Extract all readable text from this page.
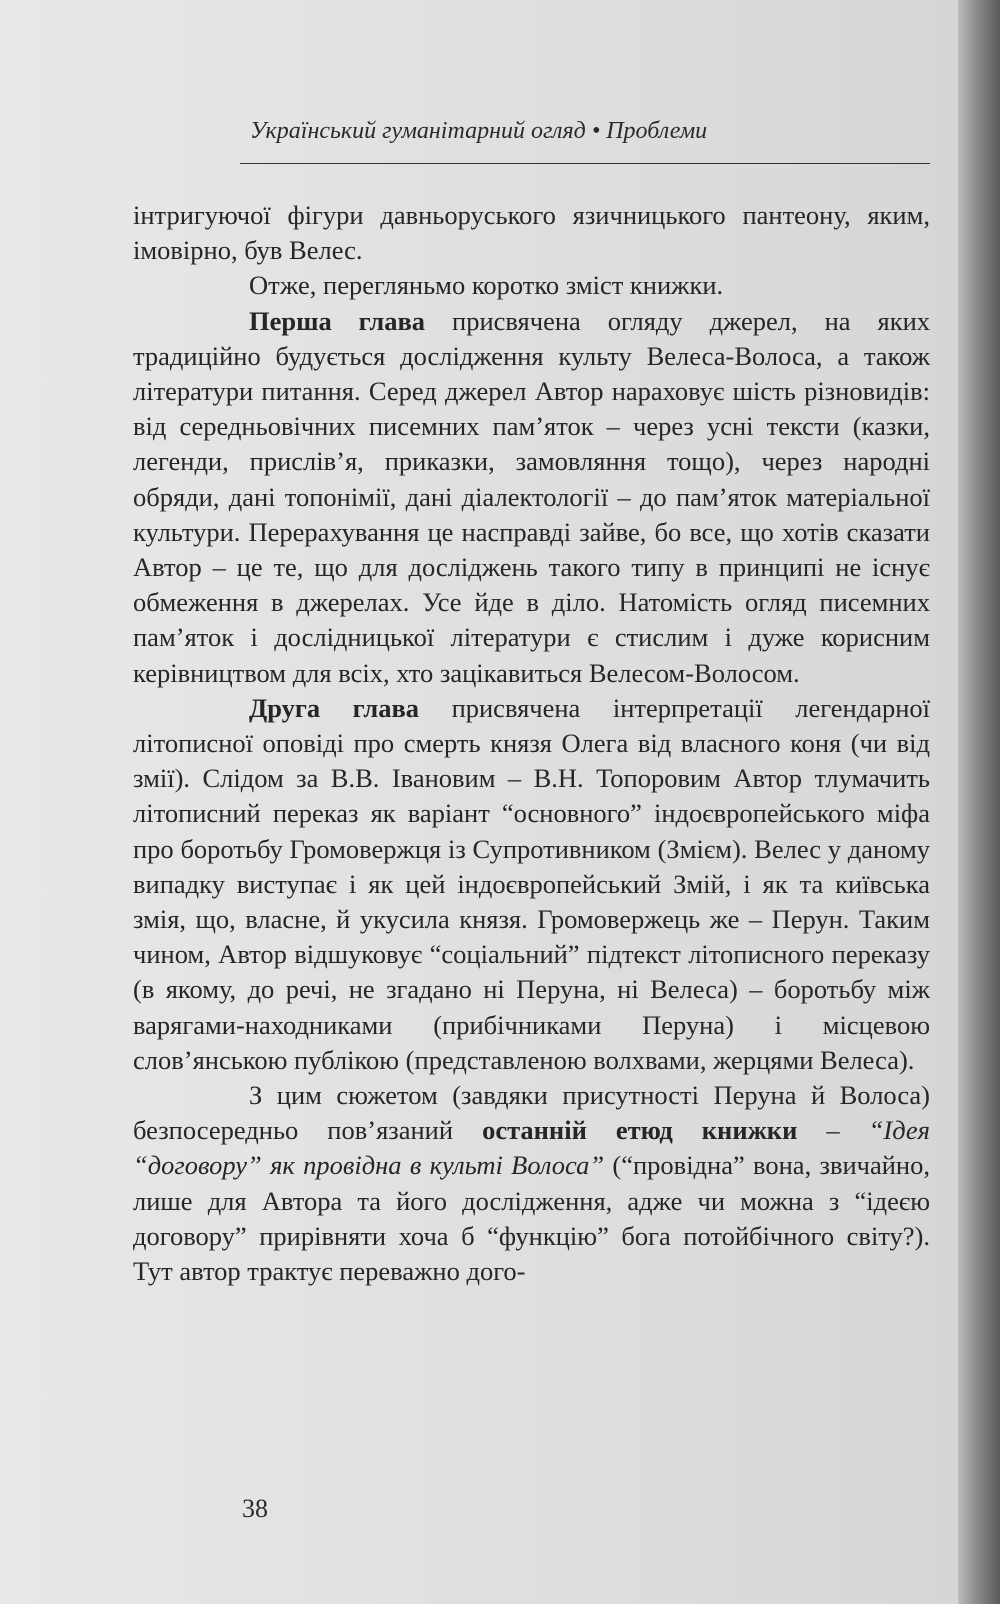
Український гуманітарний огляд • Проблеми

інтригуючої фігури давньоруського язичницького пантеону, яким, імовірно, був Велес.

Отже, перегляньмо коротко зміст книжки.

Перша глава присвячена огляду джерел, на яких традиційно будується дослідження культу Велеса-Волоса, а також літератури питання. Серед джерел Автор нараховує шість різновидів: від середньовічних писемних пам’яток – через усні тексти (казки, легенди, прислів’я, приказки, замовляння тощо), через народні обряди, дані топонімії, дані діалектології – до пам’яток матеріальної культури. Перерахування це насправді зайве, бо все, що хотів сказати Автор – це те, що для досліджень такого типу в принципі не існує обмеження в джерелах. Усе йде в діло. Натомість огляд писемних пам’яток і дослідницької літератури є стислим і дуже корисним керівництвом для всіх, хто зацікавиться Велесом-Волосом.

Друга глава присвячена інтерпретації легендарної літописної оповіді про смерть князя Олега від власного коня (чи від змії). Слідом за В.В. Івановим – В.Н. Топоровим Автор тлумачить літописний переказ як варіант “основного” індоєвропейського міфа про боротьбу Громовержця із Супротивником (Змієм). Велес у даному випадку виступає і як цей індоєвропейський Змій, і як та київська змія, що, власне, й укусила князя. Громовержець же – Перун. Таким чином, Автор відшуковує “соціальний” підтекст літописного переказу (в якому, до речі, не згадано ні Перуна, ні Велеса) – боротьбу між варягами-находниками (прибічниками Перуна) і місцевою слов’янською публікою (представленою волхвами, жерцями Велеса).

З цим сюжетом (завдяки присутності Перуна й Волоса) безпосередньо пов’язаний останній етюд книжки – “Ідея “договору” як провідна в культі Волоса” (“провідна” вона, звичайно, лише для Автора та його дослідження, адже чи можна з “ідеєю договору” прирівняти хоча б “функцію” бога потойбічного світу?). Тут автор трактує переважно дого-

38
